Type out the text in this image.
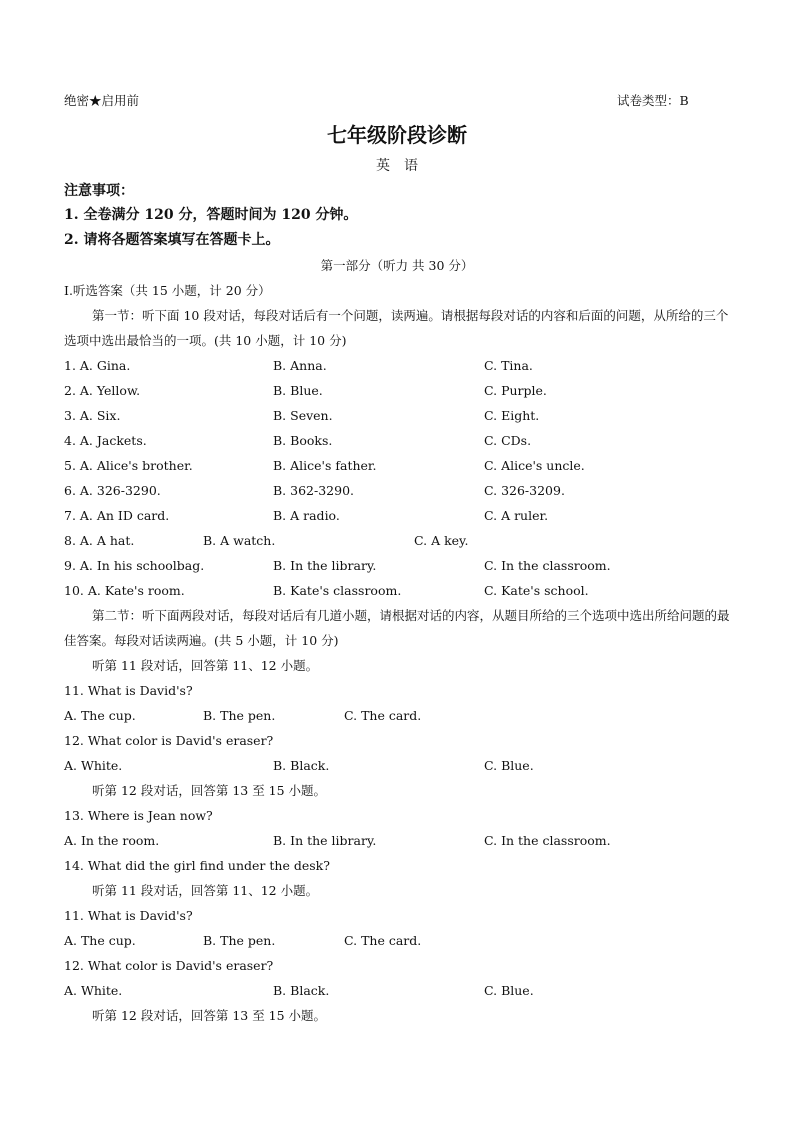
绝密★启用前	试卷类型：B
七年级阶段诊断
英　语
注意事项：
1. 全卷满分 120 分，答题时间为 120 分钟。
2. 请将各题答案填写在答题卡上。
第一部分（听力 共 30 分）
I.听选答案（共 15 小题，计 20 分）
第一节：听下面 10 段对话，每段对话后有一个问题，读两遍。请根据每段对话的内容和后面的问题，从所给的三个选项中选出最恰当的一项。(共 10 小题，计 10 分)
1. A. Gina.	B. Anna.	C. Tina.
2. A. Yellow.	B. Blue.	C. Purple.
3. A. Six.	B. Seven.	C. Eight.
4. A. Jackets.	B. Books.	C. CDs.
5. A. Alice's brother.	B. Alice's father.	C. Alice's uncle.
6. A. 326-3290.	B. 362-3290.	C. 326-3209.
7. A. An ID card.	B. A radio.	C. A ruler.
8. A. A hat.	B. A watch.	C. A key.
9. A. In his schoolbag.	B. In the library.	C. In the classroom.
10. A. Kate's room.	B. Kate's classroom.	C. Kate's school.
第二节：听下面两段对话，每段对话后有几道小题，请根据对话的内容，从题目所给的三个选项中选出所给问题的最佳答案。每段对话读两遍。(共 5 小题，计 10 分)
听第 11 段对话，回答第 11、12 小题。
11. What is David's?
A. The cup.	B. The pen.	C. The card.
12. What color is David's eraser?
A. White.	B. Black.	C. Blue.
听第 12 段对话，回答第 13 至 15 小题。
13. Where is Jean now?
A. In the room.	B. In the library.	C. In the classroom.
14. What did the girl find under the desk?
听第 11 段对话，回答第 11、12 小题。
11. What is David's?
A. The cup.	B. The pen.	C. The card.
12. What color is David's eraser?
A. White.	B. Black.	C. Blue.
听第 12 段对话，回答第 13 至 15 小题。
